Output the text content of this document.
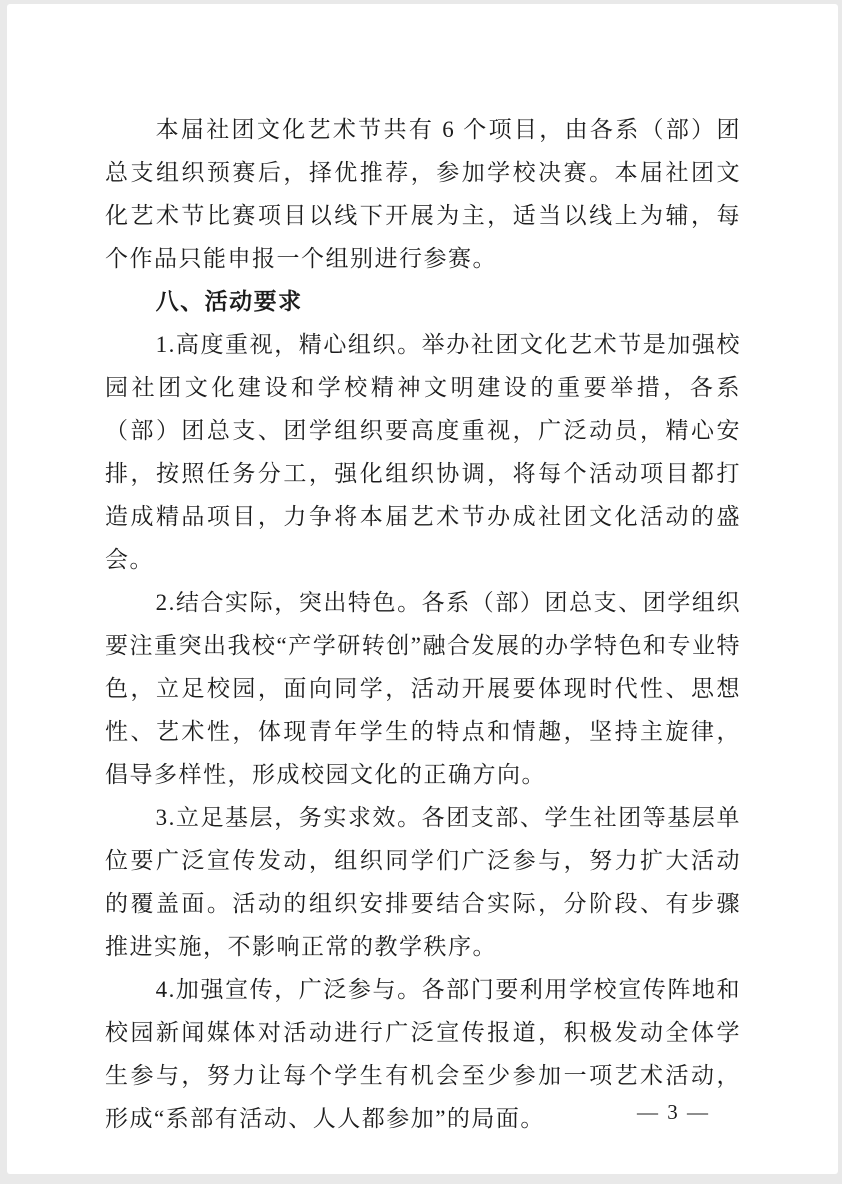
本届社团文化艺术节共有 6 个项目，由各系（部）团总支组织预赛后，择优推荐，参加学校决赛。本届社团文化艺术节比赛项目以线下开展为主，适当以线上为辅，每个作品只能申报一个组别进行参赛。

八、活动要求

1.高度重视，精心组织。举办社团文化艺术节是加强校园社团文化建设和学校精神文明建设的重要举措，各系（部）团总支、团学组织要高度重视，广泛动员，精心安排，按照任务分工，强化组织协调，将每个活动项目都打造成精品项目，力争将本届艺术节办成社团文化活动的盛会。

2.结合实际，突出特色。各系（部）团总支、团学组织要注重突出我校“产学研转创”融合发展的办学特色和专业特色，立足校园，面向同学，活动开展要体现时代性、思想性、艺术性，体现青年学生的特点和情趣，坚持主旋律，倡导多样性，形成校园文化的正确方向。

3.立足基层，务实求效。各团支部、学生社团等基层单位要广泛宣传发动，组织同学们广泛参与，努力扩大活动的覆盖面。活动的组织安排要结合实际，分阶段、有步骤推进实施，不影响正常的教学秩序。

4.加强宣传，广泛参与。各部门要利用学校宣传阵地和校园新闻媒体对活动进行广泛宣传报道，积极发动全体学生参与，努力让每个学生有机会至少参加一项艺术活动，形成“系部有活动、人人都参加”的局面。	— 3 —
